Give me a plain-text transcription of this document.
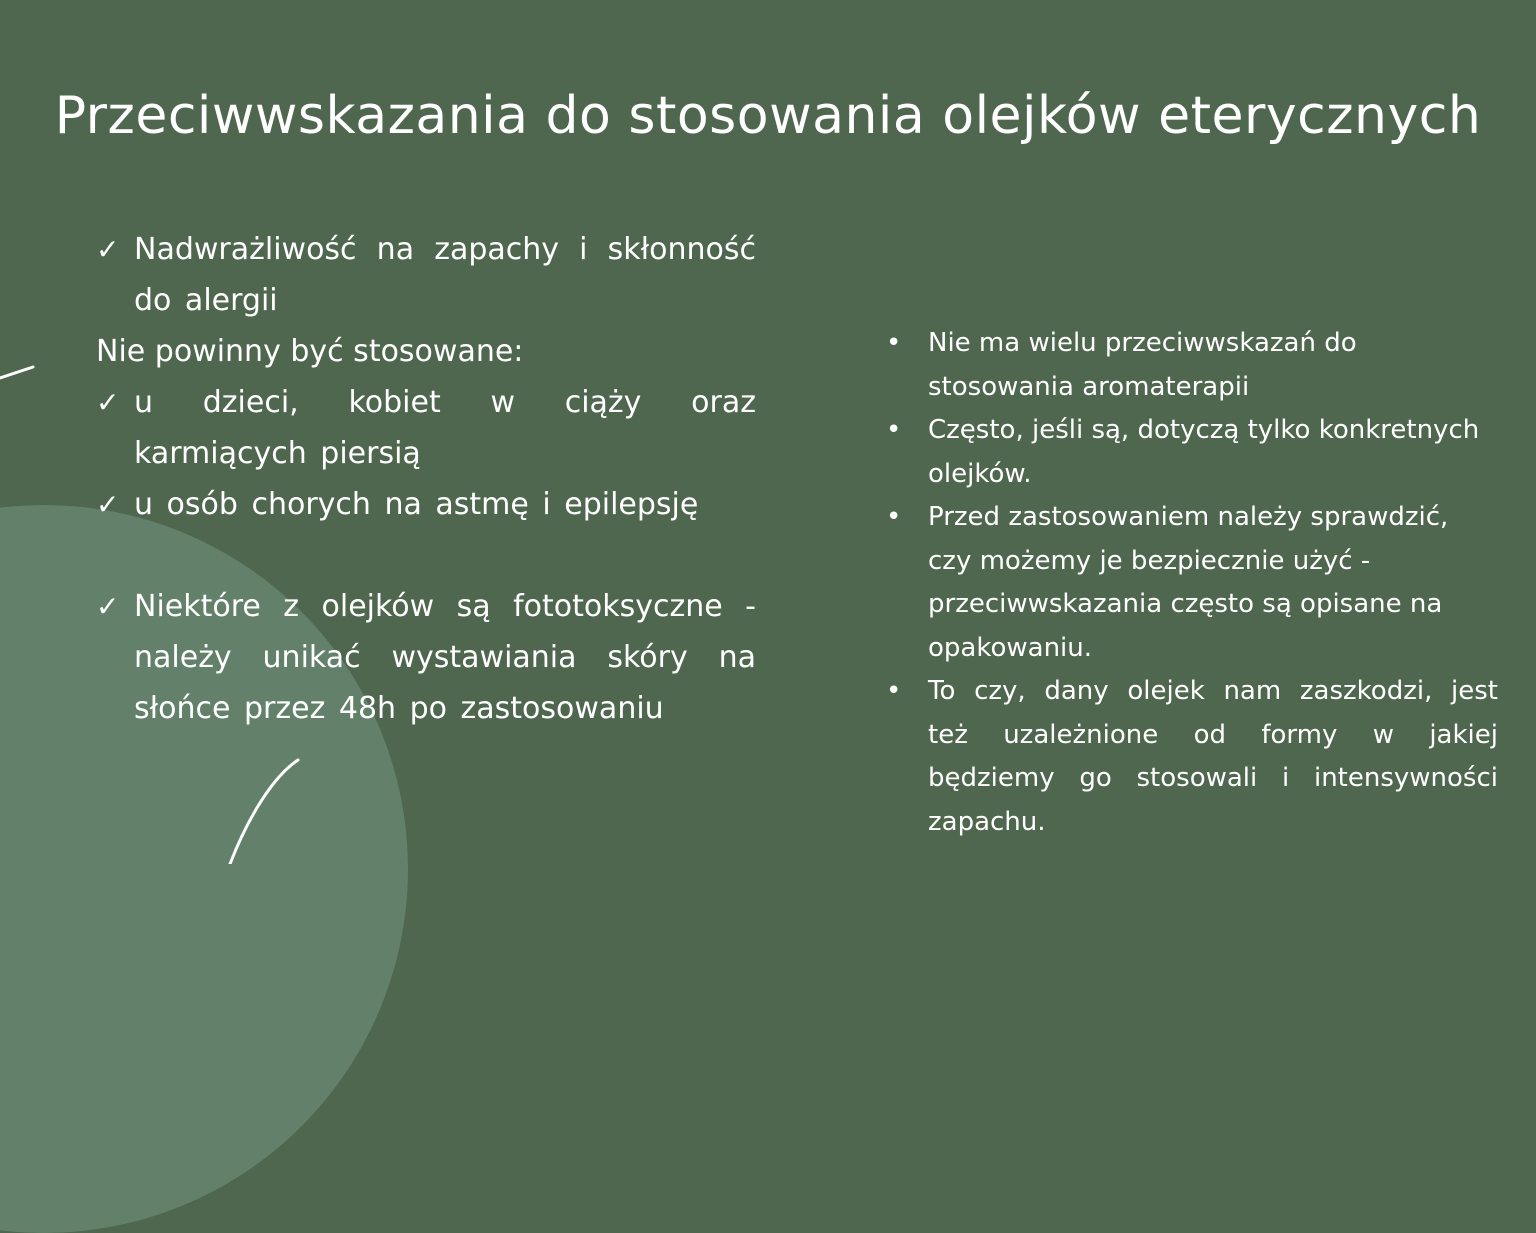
Przeciwwskazania do stosowania olejków eterycznych
✓ Nadwrażliwość na zapachy i skłonność do alergii

Nie powinny być stosowane:

✓ u dzieci, kobiet w ciąży oraz karmiących piersią
✓ u osób chorych na astmę i epilepsję
✓ Niektóre z olejków są fototoksyczne - należy unikać wystawiania skóry na słońce przez 48h po zastosowaniu
•	Nie ma wielu przeciwwskazań do stosowania aromaterapii
•	Często, jeśli są, dotyczą tylko konkretnych olejków.
•	Przed zastosowaniem należy sprawdzić, czy możemy je bezpiecznie użyć - przeciwwskazania często są opisane na opakowaniu.
•	To czy, dany olejek nam zaszkodzi, jest też uzależnione od formy w jakiej będziemy go stosowali i intensywności zapachu.
